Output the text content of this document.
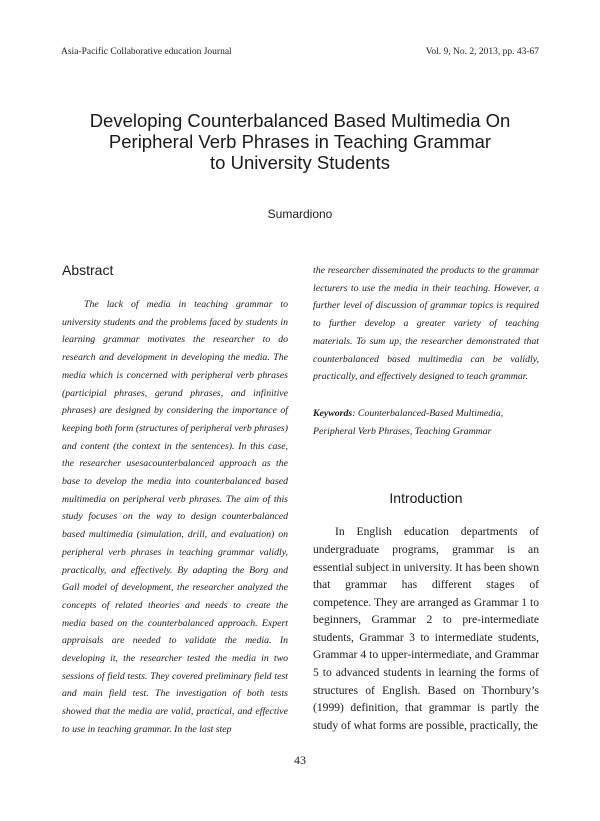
Asia-Pacific Collaborative education Journal	Vol. 9, No. 2, 2013, pp. 43-67
Developing Counterbalanced Based Multimedia On
Peripheral Verb Phrases in Teaching Grammar
to University Students
Sumardiono
Abstract

The lack of media in teaching grammar to university students and the problems faced by students in learning grammar motivates the researcher to do research and development in developing the media. The media which is concerned with peripheral verb phrases (participial phrases, gerund phrases, and infinitive phrases) are designed by considering the importance of keeping both form (structures of peripheral verb phrases) and content (the context in the sentences). In this case, the researcher usesacounterbalanced approach as the base to develop the media into counterbalanced based multimedia on peripheral verb phrases. The aim of this study focuses on the way to design counterbalanced based multimedia (simulation, drill, and evaluation) on peripheral verb phrases in teaching grammar validly, practically, and effectively. By adapting the Borg and Gall model of development, the researcher analyzed the concepts of related theories and needs to create the media based on the counterbalanced approach. Expert appraisals are needed to validate the media. In developing it, the researcher tested the media in two sessions of field tests. They covered preliminary field test and main field test. The investigation of both tests showed that the media are valid, practical, and effective to use in teaching grammar. In the last step

the researcher disseminated the products to the grammar lecturers to use the media in their teaching. However, a further level of discussion of grammar topics is required to further develop a greater variety of teaching materials. To sum up, the researcher demonstrated that counterbalanced based multimedia can be validly, practically, and effectively designed to teach grammar.

Keywords: Counterbalanced-Based Multimedia, Peripheral Verb Phrases, Teaching Grammar

Introduction

In English education departments of undergraduate programs, grammar is an essential subject in university. It has been shown that grammar has different stages of competence. They are arranged as Grammar 1 to beginners, Grammar 2 to pre-intermediate students, Grammar 3 to intermediate students, Grammar 4 to upper-intermediate, and Grammar 5 to advanced students in learning the forms of structures of English. Based on Thornbury’s (1999) definition, that grammar is partly the study of what forms are possible, practically, the

43
